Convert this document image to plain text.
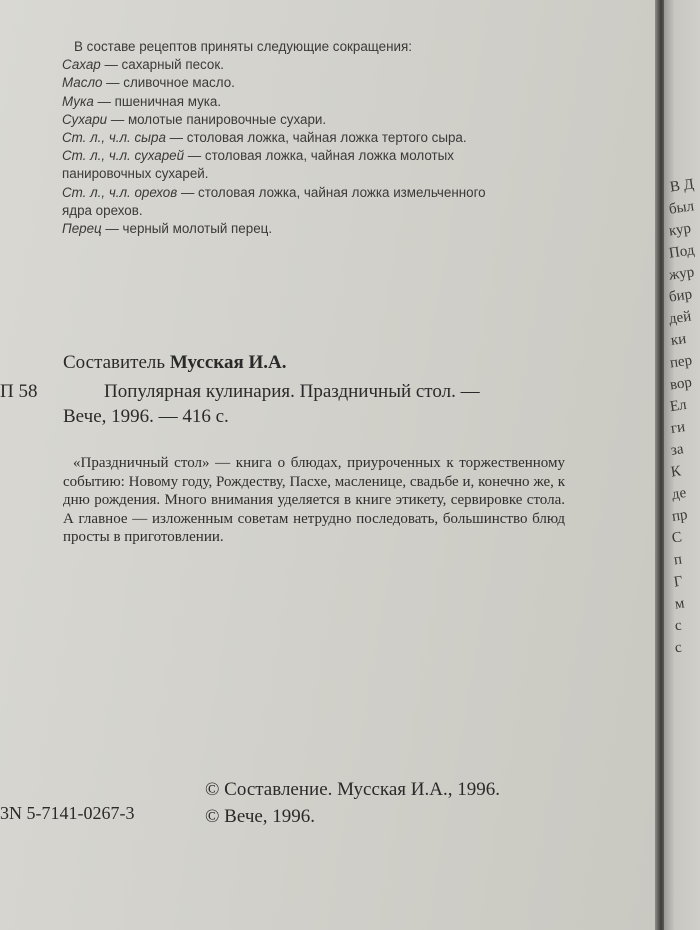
В составе рецептов приняты следующие сокращения:
Сахар — сахарный песок.
Масло — сливочное масло.
Мука — пшеничная мука.
Сухари — молотые панировочные сухари.
Ст. л., ч.л. сыра — столовая ложка, чайная ложка тертого сыра.
Ст. л., ч.л. сухарей — столовая ложка, чайная ложка молотых
панировочных сухарей.
Ст. л., ч.л. орехов — столовая ложка, чайная ложка измельченного
ядра орехов.
Перец — черный молотый перец.
Составитель Мусская И.А.
П 58	Популярная кулинария. Праздничный стол. —
Вече, 1996. — 416 с.
«Праздничный стол» — книга о блюдах, приуроченных к торжественному событию: Новому году, Рождеству, Пасхе, масленице, свадьбе и, конечно же, к дню рождения. Много внимания уделяется в книге этикету, сервировке стола. А главное — изложенным советам нетрудно последовать, большинство блюд просты в приготовлении.
© Составление. Мусская И.А., 1996.
© Вече, 1996.
3N 5-7141-0267-3
В Д
был
кур
Под
жур
бир
дей
ки
пер
вор
Ел
ги
за
К
де
пр
С
п
Г
м
с
с
